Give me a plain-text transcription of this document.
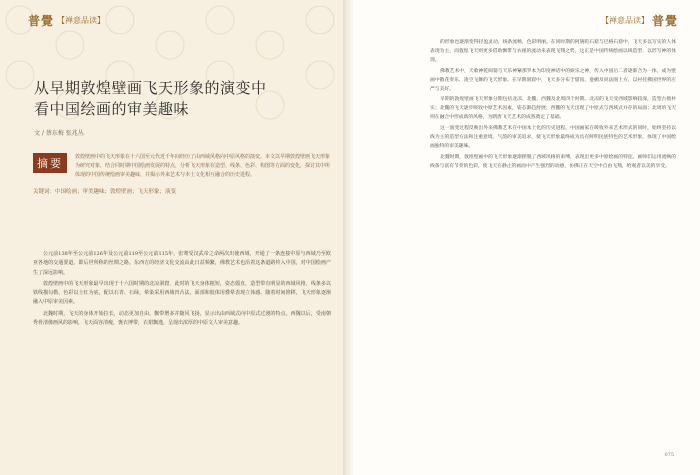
普覺 【禅意品读】
从早期敦煌壁画飞天形象的演变中
看中国绘画的审美趣味
文 / 蔡东梅 张兆丛
摘要	敦煌壁画中的飞天形象在十六国至元代近千年间经历了由西域风格向中原风格的演变。本文以早期敦煌壁画飞天形象为研究对象，结合同时期中国绘画发展的特点，分析飞天形象在造型、线条、色彩、构图等方面的变化，探讨其中所体现的中国传统绘画审美趣味，并揭示外来艺术与本土文化相互融合的历史进程。
关键词：中国绘画；审美趣味；敦煌壁画；飞天形象；演变

公元前138年至公元前126年及公元前119至公元前115年，张骞受汉武帝之命两次出使西域，开通了一条连接中原与西域乃至欧亚各地的交通要道，即后世所称的丝绸之路。东西方的经济文化交流由此日益频繁，佛教艺术也沿着这条道路传入中国，对中国绘画产生了深远影响。

敦煌壁画中的飞天形象最早出现于十六国时期的北凉洞窟，此时的飞天身体粗短，姿态僵直，造型带有明显的西域风格，线条多以铁线描勾勒，色彩以土红为底，配以石青、石绿，晕染采用西域凹凸法，面部和肢体用叠晕表现立体感。随着时间推移，飞天形象逐渐融入中原审美因素。

北魏时期，飞天的身体开始拉长，动态更加自由，飘带增多并随风飞扬，显示出由西域式向中原式过渡的特点。西魏以后，受南朝秀骨清像画风的影响，飞天面容清瘦，褒衣博带，衣裙飘逸，呈现出浓厚的中原文人审美意趣。

【禅意品读】 普覺

的形象也逐渐变得轻盈灵动，线条流畅，色彩明丽。在同时期的阿旃陀石窟与巴格石窟中，飞天多以写实的人体表现为主，而敦煌飞天则更多借助飘带与衣裙的流动来表现飞翔之势，这正是中国传统绘画以线造型、以形写神的体现。

佛教艺术中，天歌神乾闼婆与天乐神紧那罗本为印度神话中的娱乐之神，传入中国后二者逐渐合为一体，成为壁画中散花奏乐、凌空飞舞的飞天形象。在早期洞窟中，飞天多分布于窟顶、龛楣及说法图上方，以衬托佛国世界的庄严与美好。

早期的敦煌壁画飞天形象分期包括北凉、北魏、西魏及北周四个时期。北凉的飞天受西域影响较深，造型古拙朴实；北魏的飞天逐步吸收中原艺术因素，姿态渐趋舒展；西魏的飞天出现了中原式与西域式并存的局面；北周的飞天则在融合中形成新的风格，为隋唐飞天艺术的成熟奠定了基础。

这一演变过程反映出外来佛教艺术在中国本土化的历史进程。中国画家在吸收外来艺术形式的同时，始终坚持以线为主的造型方法和注重意境、气韵的审美追求，使飞天形象最终成为具有鲜明民族特色的艺术形象，体现了中国绘画独特的审美趣味。

北魏时期，敦煌壁画中的飞天形象逐渐摆脱了西域风格的束缚，表现出更多中原绘画的特征。画师们运用流畅的线条与富有节奏的色彩，使飞天在静止的画面中产生强烈的动感，仿佛正在天空中自由飞翔，给观者以美的享受。

075
